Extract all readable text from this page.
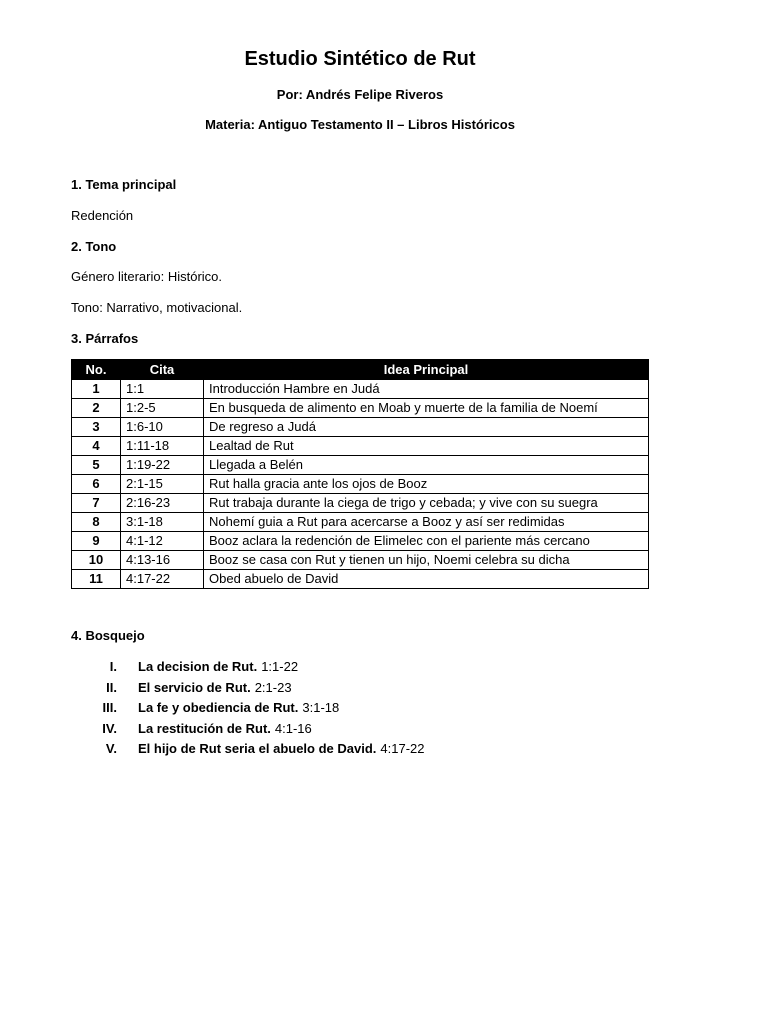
Estudio Sintético de Rut
Por: Andrés Felipe Riveros
Materia: Antiguo Testamento II – Libros Históricos
1. Tema principal
Redención
2. Tono
Género literario: Histórico.
Tono: Narrativo, motivacional.
3. Párrafos
No.	Cita	Idea Principal
1	1:1	Introducción Hambre en Judá
2	1:2-5	En busqueda de alimento en Moab y muerte de la familia de Noemí
3	1:6-10	De regreso a Judá
4	1:11-18	Lealtad de Rut
5	1:19-22	Llegada a Belén
6	2:1-15	Rut halla gracia ante los ojos de Booz
7	2:16-23	Rut trabaja durante la ciega de trigo y cebada; y vive con su suegra
8	3:1-18	Nohemí guia a Rut para acercarse a Booz y así ser redimidas
9	4:1-12	Booz aclara la redención de Elimelec con el pariente más cercano
10	4:13-16	Booz se casa con Rut y tienen un hijo, Noemi celebra su dicha
11	4:17-22	Obed abuelo de David
4. Bosquejo
I.	La decision de Rut. 1:1-22
II.	El servicio de Rut. 2:1-23
III.	La fe y obediencia de Rut. 3:1-18
IV.	La restitución de Rut. 4:1-16
V.	El hijo de Rut seria el abuelo de David. 4:17-22
